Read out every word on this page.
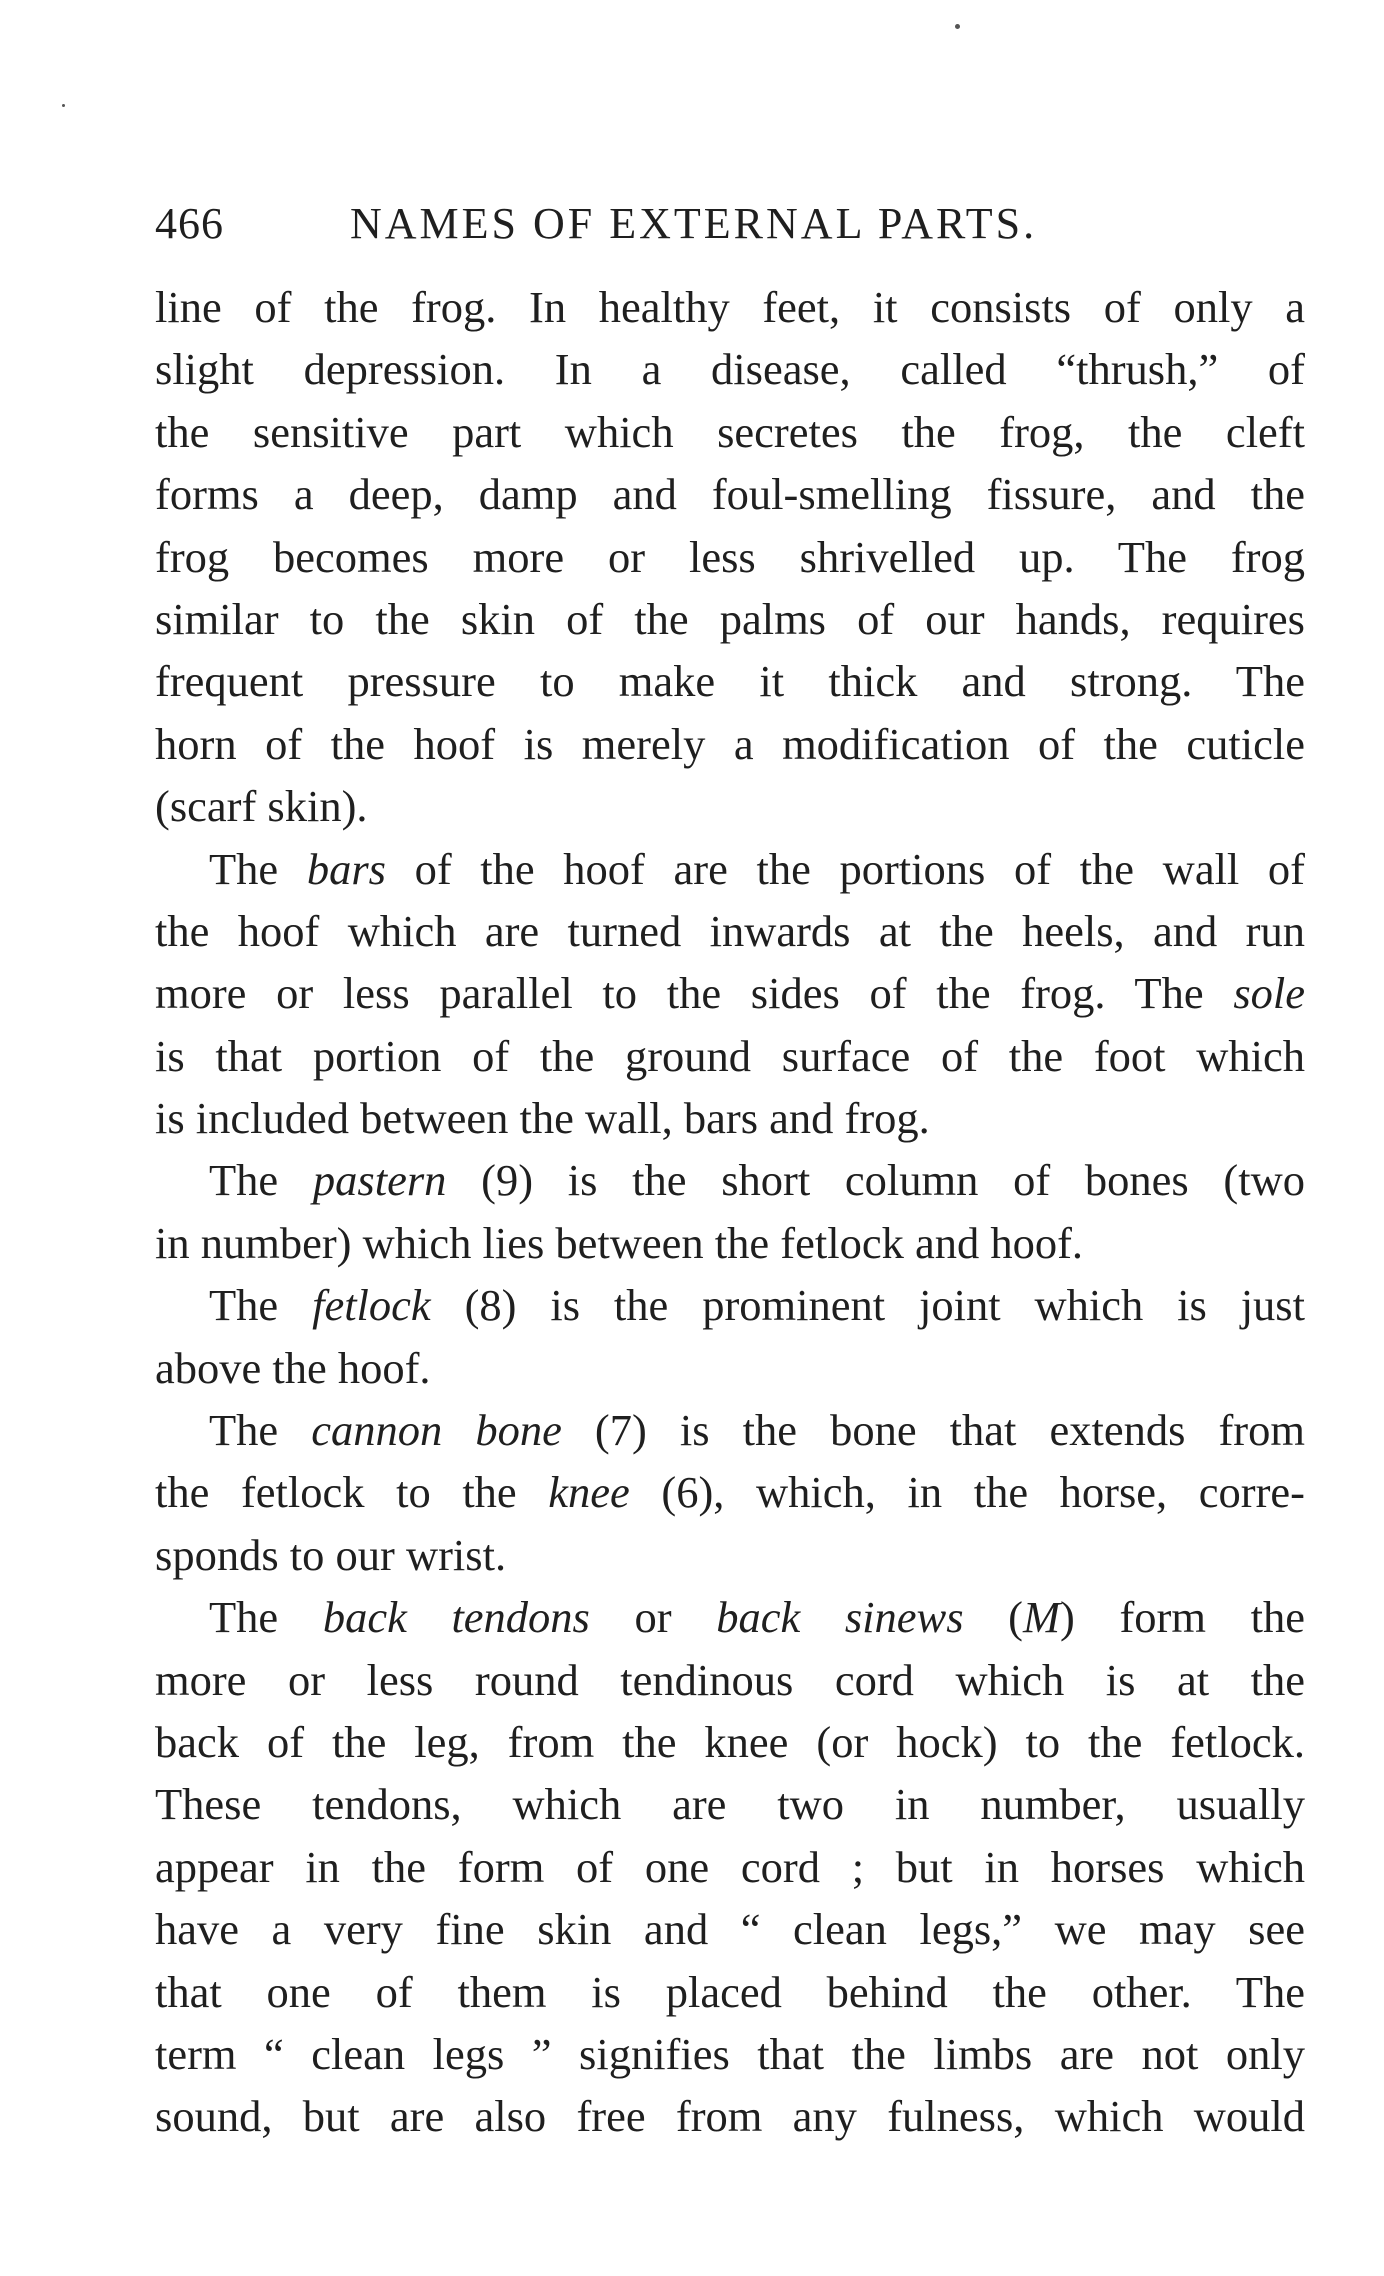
466	NAMES OF EXTERNAL PARTS.
line of the frog. In healthy feet, it consists of only a
slight depression. In a disease, called “thrush,” of
the sensitive part which secretes the frog, the cleft
forms a deep, damp and foul-smelling fissure, and the
frog becomes more or less shrivelled up. The frog
similar to the skin of the palms of our hands, requires
frequent pressure to make it thick and strong. The
horn of the hoof is merely a modification of the cuticle
(scarf skin).
The bars of the hoof are the portions of the wall of
the hoof which are turned inwards at the heels, and run
more or less parallel to the sides of the frog. The sole
is that portion of the ground surface of the foot which
is included between the wall, bars and frog.
The pastern (9) is the short column of bones (two
in number) which lies between the fetlock and hoof.
The fetlock (8) is the prominent joint which is just
above the hoof.
The cannon bone (7) is the bone that extends from
the fetlock to the knee (6), which, in the horse, corre-
sponds to our wrist.
The back tendons or back sinews (M) form the
more or less round tendinous cord which is at the
back of the leg, from the knee (or hock) to the fetlock.
These tendons, which are two in number, usually
appear in the form of one cord ; but in horses which
have a very fine skin and “ clean legs,” we may see
that one of them is placed behind the other. The
term “ clean legs ” signifies that the limbs are not only
sound, but are also free from any fulness, which would
